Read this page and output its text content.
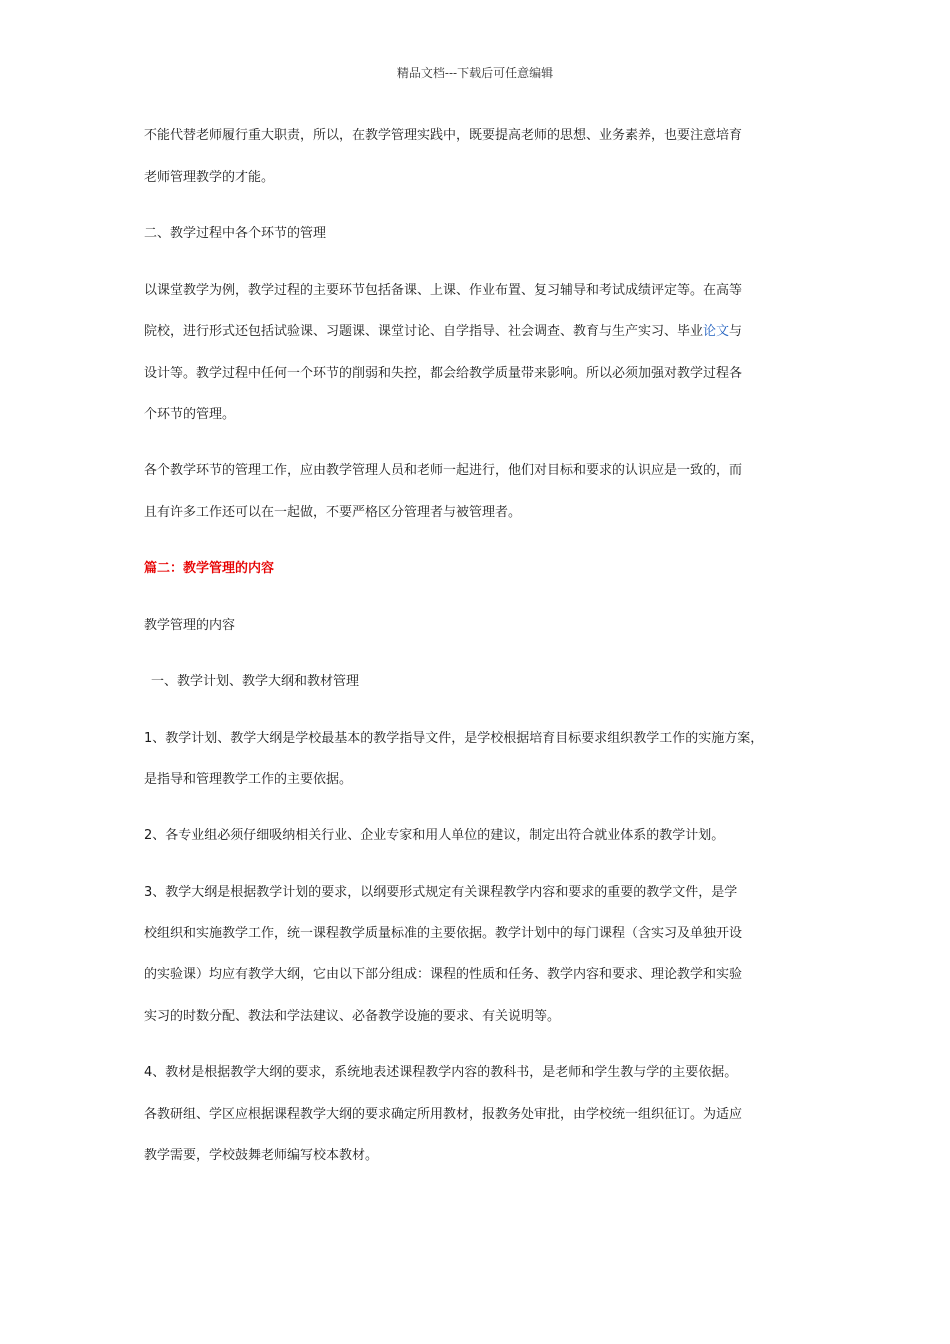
精品文档---下载后可任意编辑
不能代替老师履行重大职责，所以，在教学管理实践中，既要提高老师的思想、业务素养，也要注意培育
老师管理教学的才能。
二、教学过程中各个环节的管理
以课堂教学为例，教学过程的主要环节包括备课、上课、作业布置、复习辅导和考试成绩评定等。在高等
院校，进行形式还包括试验课、习题课、课堂讨论、自学指导、社会调查、教育与生产实习、毕业论文与
设计等。教学过程中任何一个环节的削弱和失控，都会给教学质量带来影响。所以必须加强对教学过程各
个环节的管理。
各个教学环节的管理工作，应由教学管理人员和老师一起进行，他们对目标和要求的认识应是一致的，而
且有许多工作还可以在一起做，不要严格区分管理者与被管理者。
篇二：教学管理的内容
教学管理的内容
一、教学计划、教学大纲和教材管理
1、教学计划、教学大纲是学校最基本的教学指导文件，是学校根据培育目标要求组织教学工作的实施方案，
是指导和管理教学工作的主要依据。
2、各专业组必须仔细吸纳相关行业、企业专家和用人单位的建议，制定出符合就业体系的教学计划。
3、教学大纲是根据教学计划的要求，以纲要形式规定有关课程教学内容和要求的重要的教学文件，是学
校组织和实施教学工作，统一课程教学质量标准的主要依据。教学计划中的每门课程（含实习及单独开设
的实验课）均应有教学大纲，它由以下部分组成：课程的性质和任务、教学内容和要求、理论教学和实验
实习的时数分配、教法和学法建议、必备教学设施的要求、有关说明等。
4、教材是根据教学大纲的要求，系统地表述课程教学内容的教科书，是老师和学生教与学的主要依据。
各教研组、学区应根据课程教学大纲的要求确定所用教材，报教务处审批，由学校统一组织征订。为适应
教学需要，学校鼓舞老师编写校本教材。
